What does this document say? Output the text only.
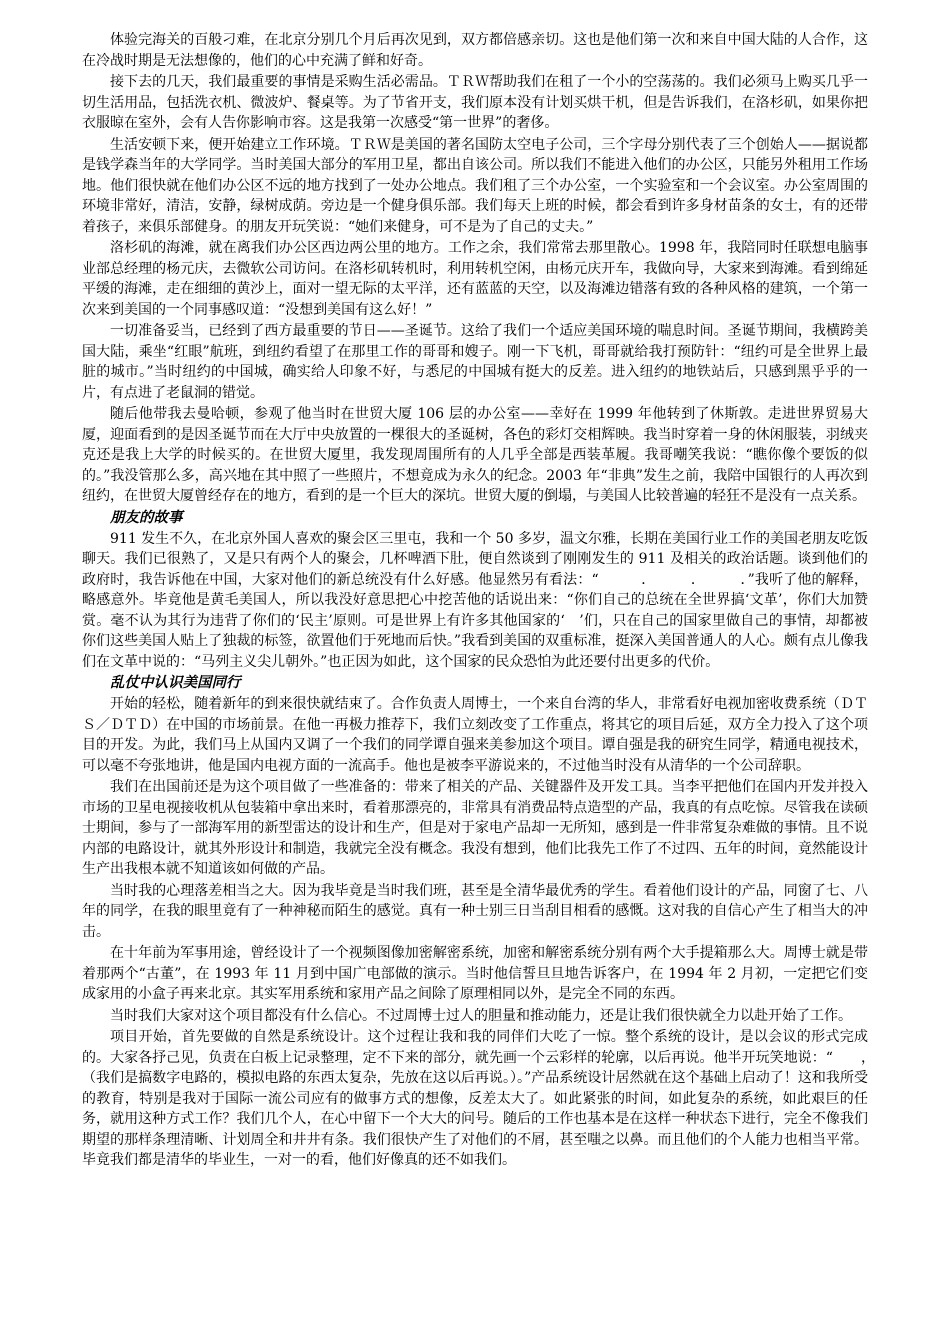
体验完海关的百般刁难，在北京分别几个月后再次见到，双方都倍感亲切。这也是他们第一次和来自中国大陆的人合作，这在冷战时期是无法想像的，他们的心中充满了鲜和好奇。

接下去的几天，我们最重要的事情是采购生活必需品。ＴＲＷ帮助我们在租了一个小的空荡荡的。我们必须马上购买几乎一切生活用品，包括洗衣机、微波炉、餐桌等。为了节省开支，我们原本没有计划买烘干机，但是告诉我们，在洛杉矶，如果你把衣服晾在室外，会有人告你影响市容。这是我第一次感受“第一世界”的奢侈。

生活安顿下来，便开始建立工作环境。ＴＲＷ是美国的著名国防太空电子公司，三个字母分别代表了三个创始人——据说都是钱学森当年的大学同学。当时美国大部分的军用卫星，都出自该公司。所以我们不能进入他们的办公区，只能另外租用工作场地。他们很快就在他们办公区不远的地方找到了一处办公地点。我们租了三个办公室，一个实验室和一个会议室。办公室周围的环境非常好，清洁，安静，绿树成荫。旁边是一个健身俱乐部。我们每天上班的时候，都会看到许多身材苗条的女士，有的还带着孩子，来俱乐部健身。的朋友开玩笑说：“她们来健身，可不是为了自己的丈夫。”

洛杉矶的海滩，就在离我们办公区西边两公里的地方。工作之余，我们常常去那里散心。1998 年，我陪同时任联想电脑事业部总经理的杨元庆，去微软公司访问。在洛杉矶转机时，利用转机空闲，由杨元庆开车，我做向导，大家来到海滩。看到绵延平缓的海滩，走在细细的黄沙上，面对一望无际的太平洋，还有蓝蓝的天空，以及海滩边错落有致的各种风格的建筑，一个第一次来到美国的一个同事感叹道：“没想到美国有这么好！”

一切准备妥当，已经到了西方最重要的节日——圣诞节。这给了我们一个适应美国环境的喘息时间。圣诞节期间，我横跨美国大陆，乘坐“红眼”航班，到纽约看望了在那里工作的哥哥和嫂子。刚一下飞机，哥哥就给我打预防针：“纽约可是全世界上最脏的城市。”当时纽约的中国城，确实给人印象不好，与悉尼的中国城有挺大的反差。进入纽约的地铁站后，只感到黑乎乎的一片，有点进了老鼠洞的错觉。

随后他带我去曼哈顿，参观了他当时在世贸大厦 106 层的办公室——幸好在 1999 年他转到了休斯敦。走进世界贸易大厦，迎面看到的是因圣诞节而在大厅中央放置的一棵很大的圣诞树，各色的彩灯交相辉映。我当时穿着一身的休闲服装，羽绒夹克还是我上大学的时候买的。在世贸大厦里，我发现周围所有的人几乎全部是西装革履。我哥嘲笑我说：“瞧你像个要饭的似的。”我没管那么多，高兴地在其中照了一些照片，不想竟成为永久的纪念。2003 年“非典”发生之前，我陪中国银行的人再次到纽约，在世贸大厦曾经存在的地方，看到的是一个巨大的深坑。世贸大厦的倒塌，与美国人比较普遍的轻狂不是没有一点关系。

朋友的故事

911 发生不久，在北京外国人喜欢的聚会区三里屯，我和一个 50 多岁，温文尔雅，长期在美国行业工作的美国老朋友吃饭聊天。我们已很熟了，又是只有两个人的聚会，几杯啤酒下肚，便自然谈到了刚刚发生的 911 及相关的政治话题。谈到他们的政府时，我告诉他在中国，大家对他们的新总统没有什么好感。他显然另有看法：“　　　．　　　．　　　．”我听了他的解释，略感意外。毕竟他是黄毛美国人，所以我没好意思把心中挖苦他的话说出来：“你们自己的总统在全世界搞‘文革’，你们大加赞赏。毫不认为其行为违背了你们的‘民主’原则。可是世界上有许多其他国家的‘　’们，只在自己的国家里做自己的事情，却都被你们这些美国人贴上了独裁的标签，欲置他们于死地而后快。”我看到美国的双重标准，挺深入美国普通人的人心。颇有点儿像我们在文革中说的：“马列主义尖儿朝外。”也正因为如此，这个国家的民众恐怕为此还要付出更多的代价。

乱仗中认识美国同行

开始的轻松，随着新年的到来很快就结束了。合作负责人周博士，一个来自台湾的华人，非常看好电视加密收费系统（ＤＴＳ／ＤＴＤ）在中国的市场前景。在他一再极力推荐下，我们立刻改变了工作重点，将其它的项目后延，双方全力投入了这个项目的开发。为此，我们马上从国内又调了一个我们的同学谭自强来美参加这个项目。谭自强是我的研究生同学，精通电视技术，可以毫不夸张地讲，他是国内电视方面的一流高手。他也是被李平游说来的，不过他当时没有从清华的一个公司辞职。

我们在出国前还是为这个项目做了一些准备的：带来了相关的产品、关键器件及开发工具。当李平把他们在国内开发并投入市场的卫星电视接收机从包装箱中拿出来时，看着那漂亮的，非常具有消费品特点造型的产品，我真的有点吃惊。尽管我在读硕士期间，参与了一部海军用的新型雷达的设计和生产，但是对于家电产品却一无所知，感到是一件非常复杂难做的事情。且不说内部的电路设计，就其外形设计和制造，我就完全没有概念。我没有想到，他们比我先工作了不过四、五年的时间，竟然能设计生产出我根本就不知道该如何做的产品。

当时我的心理落差相当之大。因为我毕竟是当时我们班，甚至是全清华最优秀的学生。看着他们设计的产品，同窗了七、八年的同学，在我的眼里竟有了一种神秘而陌生的感觉。真有一种士别三日当刮目相看的感慨。这对我的自信心产生了相当大的冲击。

在十年前为军事用途，曾经设计了一个视频图像加密解密系统，加密和解密系统分别有两个大手提箱那么大。周博士就是带着那两个“古董”，在 1993 年 11 月到中国广电部做的演示。当时他信誓旦旦地告诉客户，在 1994 年 2 月初，一定把它们变成家用的小盒子再来北京。其实军用系统和家用产品之间除了原理相同以外，是完全不同的东西。

当时我们大家对这个项目都没有什么信心。不过周博士过人的胆量和推动能力，还是让我们很快就全力以赴开始了工作。

项目开始，首先要做的自然是系统设计。这个过程让我和我的同伴们大吃了一惊。整个系统的设计，是以会议的形式完成的。大家各抒己见，负责在白板上记录整理，定不下来的部分，就先画一个云彩样的轮廓，以后再说。他半开玩笑地说：“　　，　　　　　（我们是搞数字电路的，模拟电路的东西太复杂，先放在这以后再说。）。”产品系统设计居然就在这个基础上启动了！这和我所受的教育，特别是我对于国际一流公司应有的做事方式的想像，反差太大了。如此紧张的时间，如此复杂的系统，如此艰巨的任务，就用这种方式工作？我们几个人，在心中留下一个大大的问号。随后的工作也基本是在这样一种状态下进行，完全不像我们期望的那样条理清晰、计划周全和井井有条。我们很快产生了对他们的不屑，甚至嗤之以鼻。而且他们的个人能力也相当平常。毕竟我们都是清华的毕业生，一对一的看，他们好像真的还不如我们。
